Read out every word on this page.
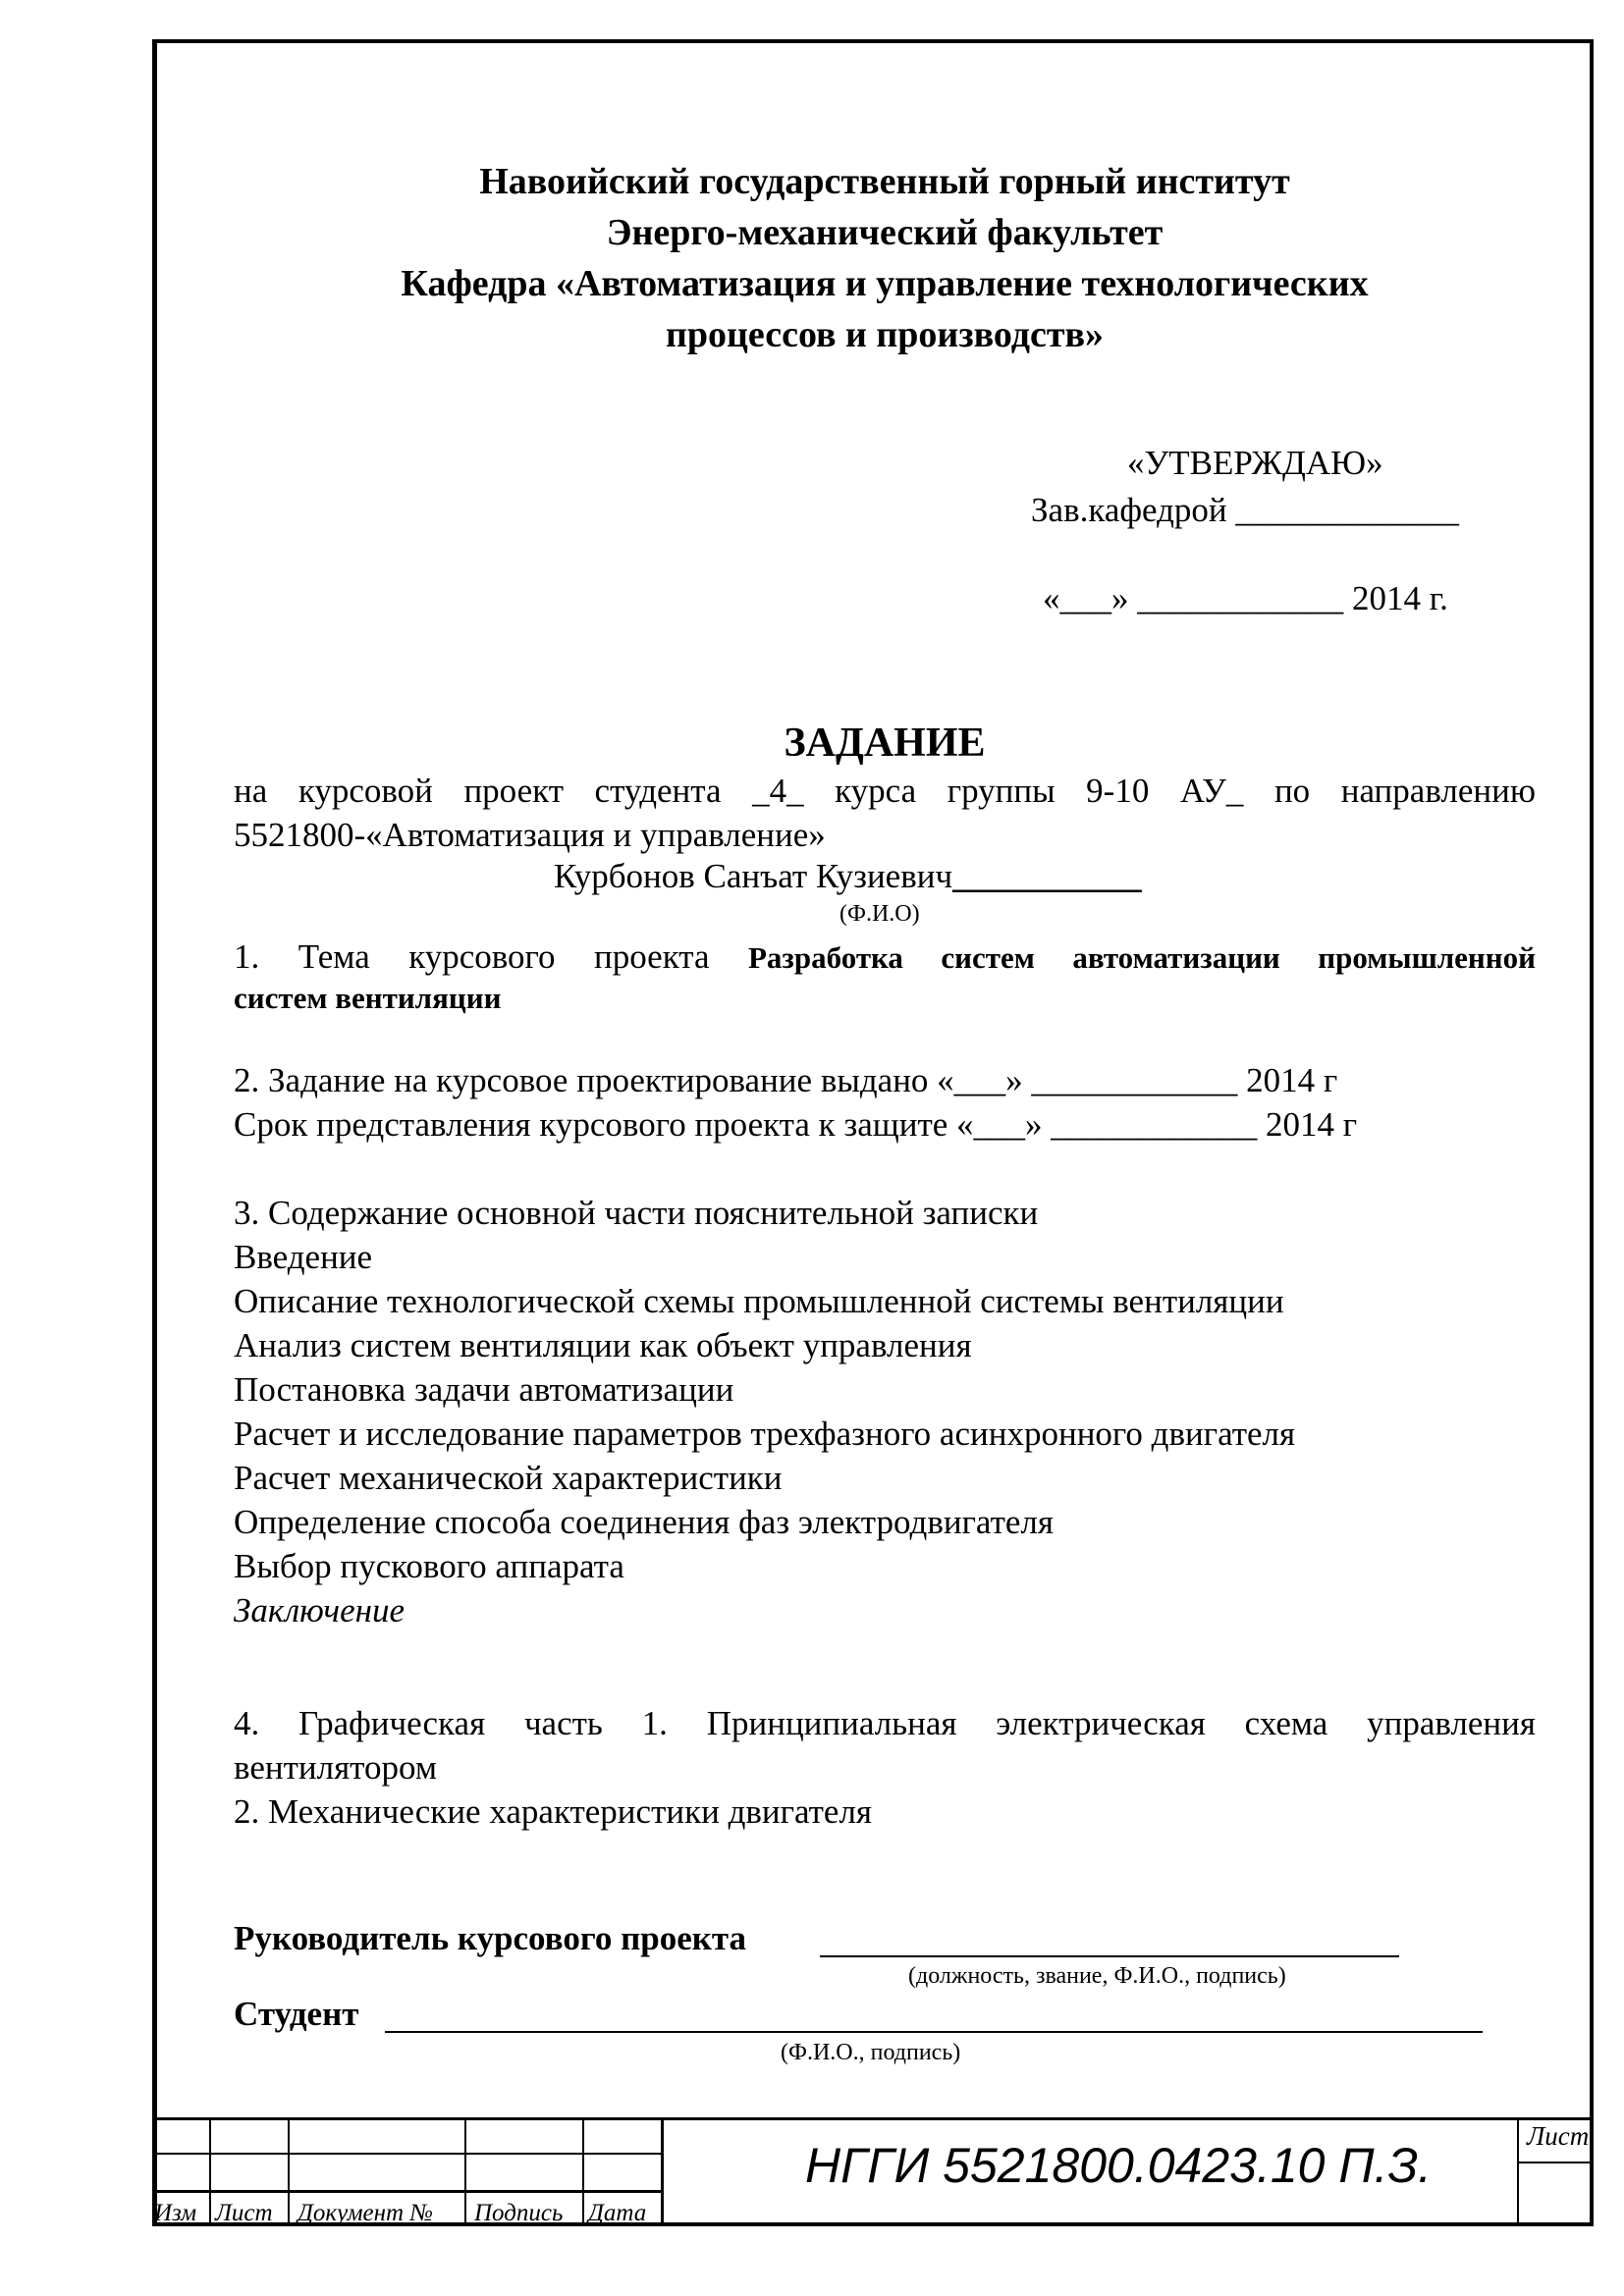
Навоийский государственный горный институт
Энерго-механический факультет
Кафедра «Автоматизация и управление технологических
процессов и производств»
«УТВЕРЖДАЮ»
Зав.кафедрой _____________
«___» ____________ 2014 г.
ЗАДАНИЕ
на курсовой проект студента _4_ курса группы 9-10 АУ_ по направлению
5521800-«Автоматизация и управление»
Курбонов Санъат Кузиевич___________
(Ф.И.О)
1. Тема курсового проекта Разработка систем автоматизации промышленной
систем вентиляции
2. Задание на курсовое проектирование выдано «___» ____________ 2014 г
Срок представления курсового проекта к защите «___» ____________ 2014 г
3. Содержание основной части пояснительной записки
Введение
Описание технологической схемы промышленной системы вентиляции
Анализ систем вентиляции как объект управления
Постановка задачи автоматизации
Расчет и исследование параметров трехфазного асинхронного двигателя
Расчет механической характеристики
Определение способа соединения фаз электродвигателя
Выбор пускового аппарата
Заключение
4. Графическая часть 1. Принципиальная электрическая схема управления
вентилятором
2. Механические характеристики двигателя
Руководитель курсового проекта
(должность, звание, Ф.И.О., подпись)
Студент
(Ф.И.О., подпись)
Изм Лист Документ № Подпись Дата
Лист
НГГИ 5521800.0423.10 П.З.
